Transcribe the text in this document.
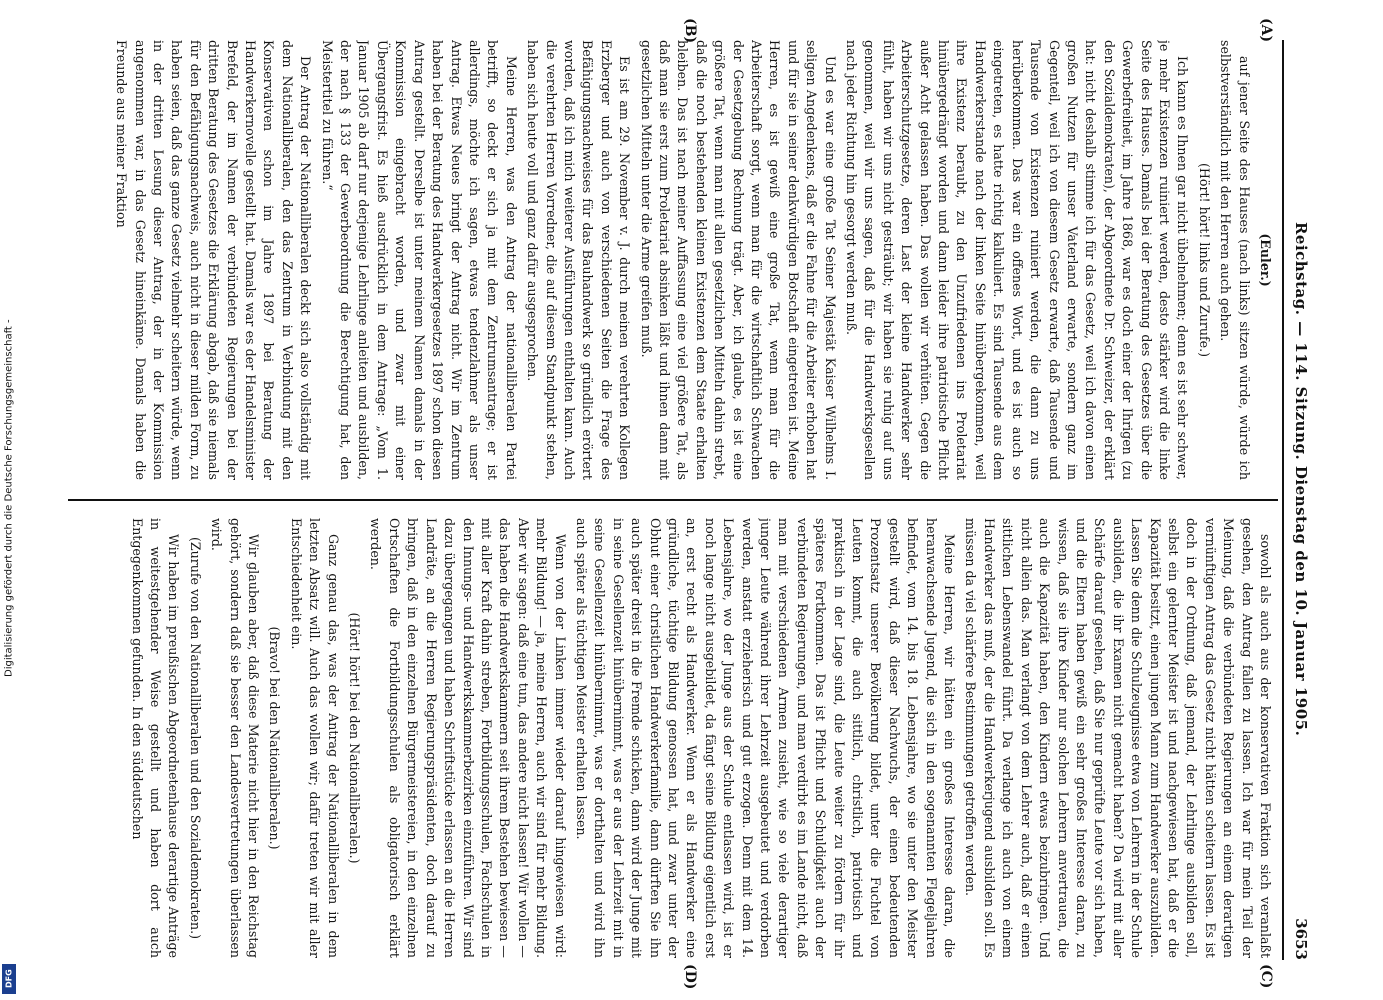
Digitalisierung gefördert durch die Deutsche Forschungsgemeinschaft -
DFG
Reichstag. — 114. Sitzung. Dienstag den 10. Januar 1905.
3653
(A)
(B)
(C)
(D)

(Euler.)

auf jener Seite des Hauses (nach links) sitzen würde, würde ich selbstverständlich mit den Herren auch gehen.

(Hört! hört! links und Zurufe.)

Ich kann es Ihnen gar nicht übelnehmen; denn es ist sehr schwer, je mehr Existenzen ruiniert werden, desto stärker wird die linke Seite des Hauses. Damals bei der Beratung des Gesetzes über die Gewerbefreiheit, im Jahre 1868, war es doch einer der Ihrigen (zu den Sozialdemokraten), der Abgeordnete Dr. Schweizer, der erklärt hat: nicht deshalb stimme ich für das Gesetz, weil ich davon einen großen Nutzen für unser Vaterland erwarte, sondern ganz im Gegenteil, weil ich von diesem Gesetz erwarte, daß Tausende und Tausende von Existenzen ruiniert werden, die dann zu uns herüberkommen. Das war ein offenes Wort, und es ist auch so eingetreten, es hatte richtig kalkuliert. Es sind Tausende aus dem Handwerkerstande nach der linken Seite hinübergekommen, weil ihre Existenz beraubt, zu den Unzufriedenen ins Proletariat hinübergedrängt worden und dann leider ihre patriotische Pflicht außer Acht gelassen haben. Das wollen wir verhüten. Gegen die Arbeiterschutzgesetze, deren Last der kleine Handwerker sehr fühlt, haben wir uns nicht gesträubt; wir haben sie ruhig auf uns genommen, weil wir uns sagen, daß für die Handwerksgesellen nach jeder Richtung hin gesorgt werden muß.

Und es war eine große Tat Seiner Majestät Kaiser Wilhelms I. seligen Angedenkens, daß er die Fahne für die Arbeiter erhoben hat und für sie in seiner denkwürdigen Botschaft eingetreten ist. Meine Herren, es ist gewiß eine große Tat, wenn man für die Arbeiterschaft sorgt, wenn man für die wirtschaftlich Schwachen der Gesetzgebung Rechnung trägt. Aber, ich glaube, es ist eine größere Tat, wenn man mit allen gesetzlichen Mitteln dahin strebt, daß die noch bestehenden kleinen Existenzen dem Staate erhalten bleiben. Das ist nach meiner Auffassung eine viel größere Tat, als daß man sie erst zum Proletariat absinken läßt und ihnen dann mit gesetzlichen Mitteln unter die Arme greifen muß.

Es ist am 29. November v. J. durch meinen verehrten Kollegen Erzberger und auch von verschiedenen Seiten die Frage des Befähigungsnachweises für das Bauhandwerk so gründlich erörtert worden, daß ich mich weiterer Ausführungen enthalten kann. Auch die verehrten Herren Vorredner, die auf diesem Standpunkt stehen, haben sich heute voll und ganz dafür ausgesprochen.

Meine Herren, was den Antrag der nationalliberalen Partei betrifft, so deckt er sich ja mit dem Zentrumsantrage; er ist allerdings, möchte ich sagen, etwas tendenzlahmer als unser Antrag. Etwas Neues bringt der Antrag nicht. Wir im Zentrum haben bei der Beratung des Handwerkergesetzes 1897 schon diesen Antrag gestellt. Derselbe ist unter meinem Namen damals in der Kommission eingebracht worden, und zwar mit einer Übergangsfrist. Es hieß ausdrücklich in dem Antrage: „Vom 1. Januar 1905 ab darf nur derjenige Lehrlinge anleiten und ausbilden, der nach § 133 der Gewerbeordnung die Berechtigung hat, den Meistertitel zu führen.“

Der Antrag der Nationalliberalen deckt sich also vollständig mit dem Nationalliberalen, den das Zentrum in Verbindung mit den Konservativen schon im Jahre 1897 bei Beratung der Handwerkernovelle gestellt hat. Damals war es der Handelsminister Brefeld, der im Namen der verbündeten Regierungen bei der dritten Beratung des Gesetzes die Erklärung abgab, daß sie niemals für den Befähigungsnachweis, auch nicht in dieser milden Form, zu haben seien, daß das ganze Gesetz vielmehr scheitern würde, wenn in der dritten Lesung dieser Antrag, der in der Kommission angenommen war, in das Gesetz hineinkäme. Damals haben die Freunde aus meiner Fraktion

sowohl als auch aus der konservativen Fraktion sich veranlaßt gesehen, den Antrag fallen zu lassen. Ich war für mein Teil der Meinung, daß die verbündeten Regierungen an einem derartigen vernünftigen Antrag das Gesetz nicht hätten scheitern lassen. Es ist doch in der Ordnung, daß jemand, der Lehrlinge ausbilden soll, selbst ein gelernter Meister ist und nachgewiesen hat, daß er die Kapazität besitzt, einen jungen Mann zum Handwerker auszubilden. Lassen Sie denn die Schulzeugnisse etwa von Lehrern in der Schule ausbilden, die ihr Examen nicht gemacht haben? Da wird mit aller Schärfe darauf gesehen, daß Sie nur geprüfte Leute vor sich haben, und die Eltern haben gewiß ein sehr großes Interesse daran, zu wissen, daß sie ihre Kinder nur solchen Lehrern anvertrauen, die auch die Kapazität haben, den Kindern etwas beizubringen. Und nicht allein das. Man verlangt von dem Lehrer auch, daß er einen sittlichen Lebenswandel führt. Da verlange ich auch von einem Handwerker das muß, der die Handwerkerjugend ausbilden soll. Es müssen da viel schärfere Bestimmungen getroffen werden.

Meine Herren, wir hätten ein großes Interesse daran, die heranwachsende Jugend, die sich in den sogenannten Flegeljahren befindet, vom 14. bis 18. Lebensjahre, wo sie unter den Meister gestellt wird, daß dieser Nachwuchs, der einen bedeutenden Prozentsatz unserer Bevölkerung bildet, unter die Fuchtel von Leuten kommt, die auch sittlich, christlich, patriotisch und praktisch in der Lage sind, die Leute weiter zu fördern für ihr späteres Fortkommen. Das ist Pflicht und Schuldigkeit auch der verbündeten Regierungen, und man verdirbt es im Lande nicht, daß man mit verschiedenen Armen zusieht, wie so viele derartiger junger Leute während ihrer Lehrzeit ausgebeutet und verdorben werden, anstatt erzieherisch und gut erzogen. Denn mit dem 14. Lebensjahre, wo der Junge aus der Schule entlassen wird, ist er noch lange nicht ausgebildet, da fängt seine Bildung eigentlich erst an, erst recht als Handwerker. Wenn er als Handwerker eine gründliche, tüchtige Bildung genossen hat, und zwar unter der Obhut einer christlichen Handwerkerfamilie, dann dürften Sie ihn auch später dreist in die Fremde schicken, dann wird der Junge mit in seine Gesellenzeit hinübernimmt, was er aus der Lehrzeit mit in seine Gesellenzeit hinübernimmt, was er dorthalten und wird ihn auch später als tüchtigen Meister erhalten lassen.

Wenn von der Linken immer wieder darauf hingewiesen wird: mehr Bildung! — ja, meine Herren, auch wir sind für mehr Bildung. Aber wir sagen: daß eine tun, das andere nicht lassen! Wir wollen — das haben die Handwerkskammern seit ihrem Bestehen bewiesen — mit aller Kraft dahin streben, Fortbildungsschulen, Fachschulen in den Innungs- und Handwerkskammerbezirken einzuführen. Wir sind dazu übergegangen und haben Schriftstücke erlassen an die Herren Landräte, an die Herren Regierungspräsidenten, doch darauf zu bringen, daß in den einzelnen Bürgermeistereien, in den einzelnen Ortschaften die Fortbildungsschulen als obligatorisch erklärt werden.

(Hört! hört! bei den Nationalliberalen.)

Ganz genau das, was der Antrag der Nationalliberalen in dem letzten Absatz will. Auch das wollen wir; dafür treten wir mit aller Entschiedenheit ein.

(Bravo! bei den Nationalliberalen.)

Wir glauben aber, daß diese Materie nicht hier in den Reichstag gehört, sondern daß sie besser den Landesvertretungen überlassen wird.

(Zurufe von den Nationalliberalen und den Sozialdemokraten.)

Wir haben im preußischen Abgeordnetenhause derartige Anträge in weitestgehender Weise gestellt und haben dort auch Entgegenkommen gefunden. In den süddeutschen
